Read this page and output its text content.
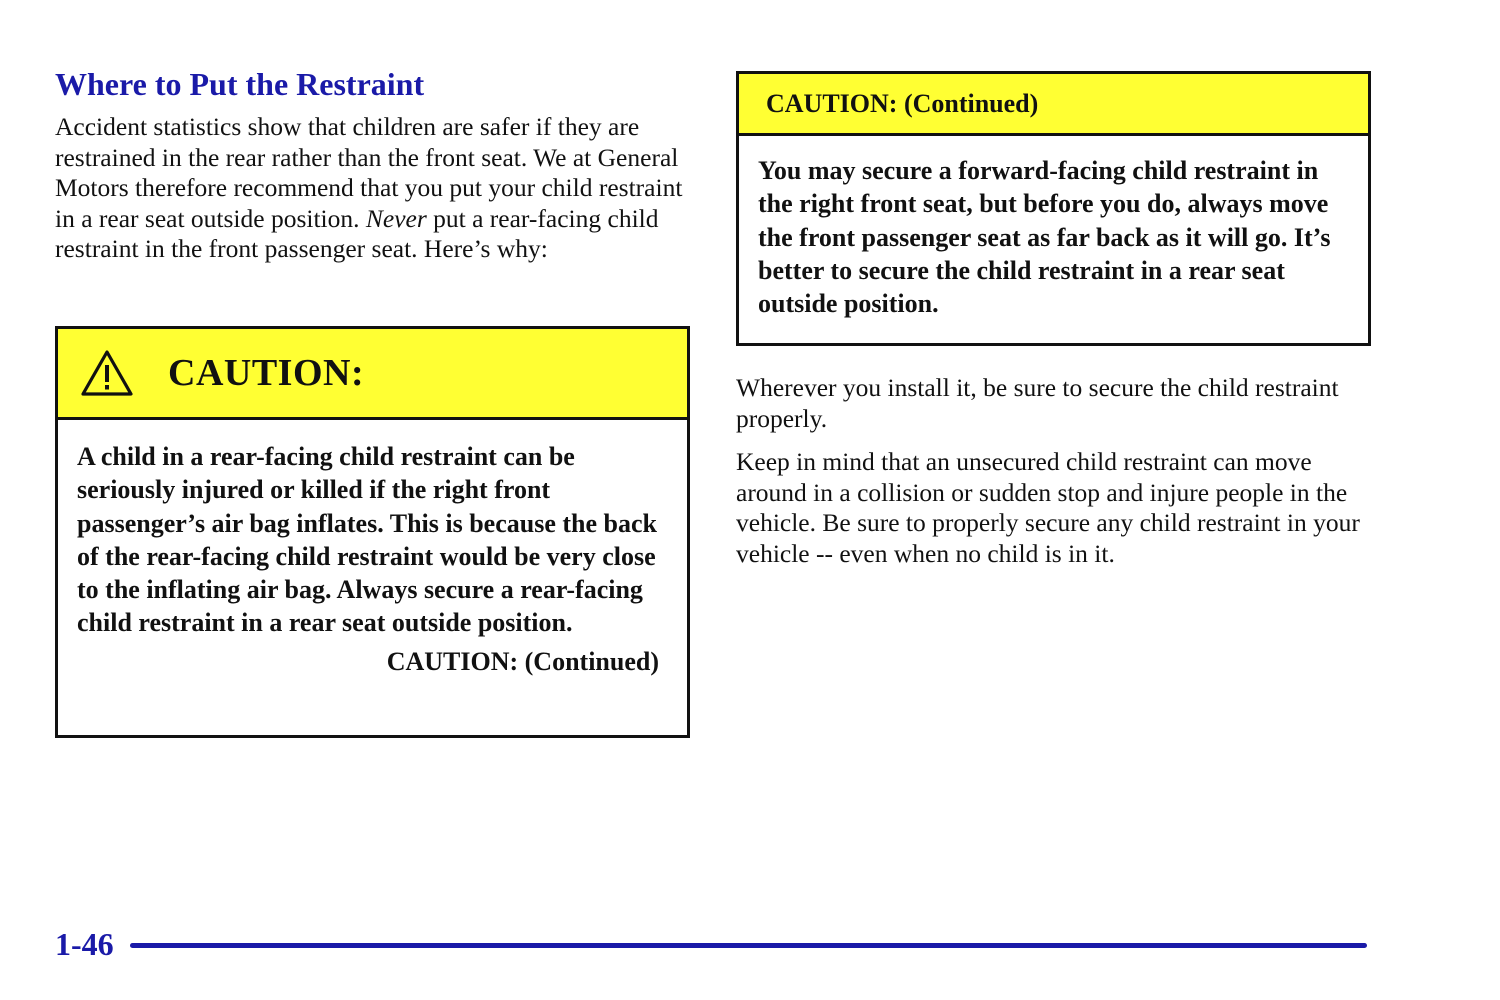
Where to Put the Restraint

Accident statistics show that children are safer if they are restrained in the rear rather than the front seat. We at General Motors therefore recommend that you put your child restraint in a rear seat outside position. Never put a rear-facing child restraint in the front passenger seat. Here’s why:

CAUTION:
A child in a rear-facing child restraint can be seriously injured or killed if the right front passenger’s air bag inflates. This is because the back of the rear-facing child restraint would be very close to the inflating air bag. Always secure a rear-facing child restraint in a rear seat outside position.
CAUTION: (Continued)
CAUTION: (Continued)
You may secure a forward-facing child restraint in the right front seat, but before you do, always move the front passenger seat as far back as it will go. It’s better to secure the child restraint in a rear seat outside position.

Wherever you install it, be sure to secure the child restraint properly.

Keep in mind that an unsecured child restraint can move around in a collision or sudden stop and injure people in the vehicle. Be sure to properly secure any child restraint in your vehicle -- even when no child is in it.

1-46
